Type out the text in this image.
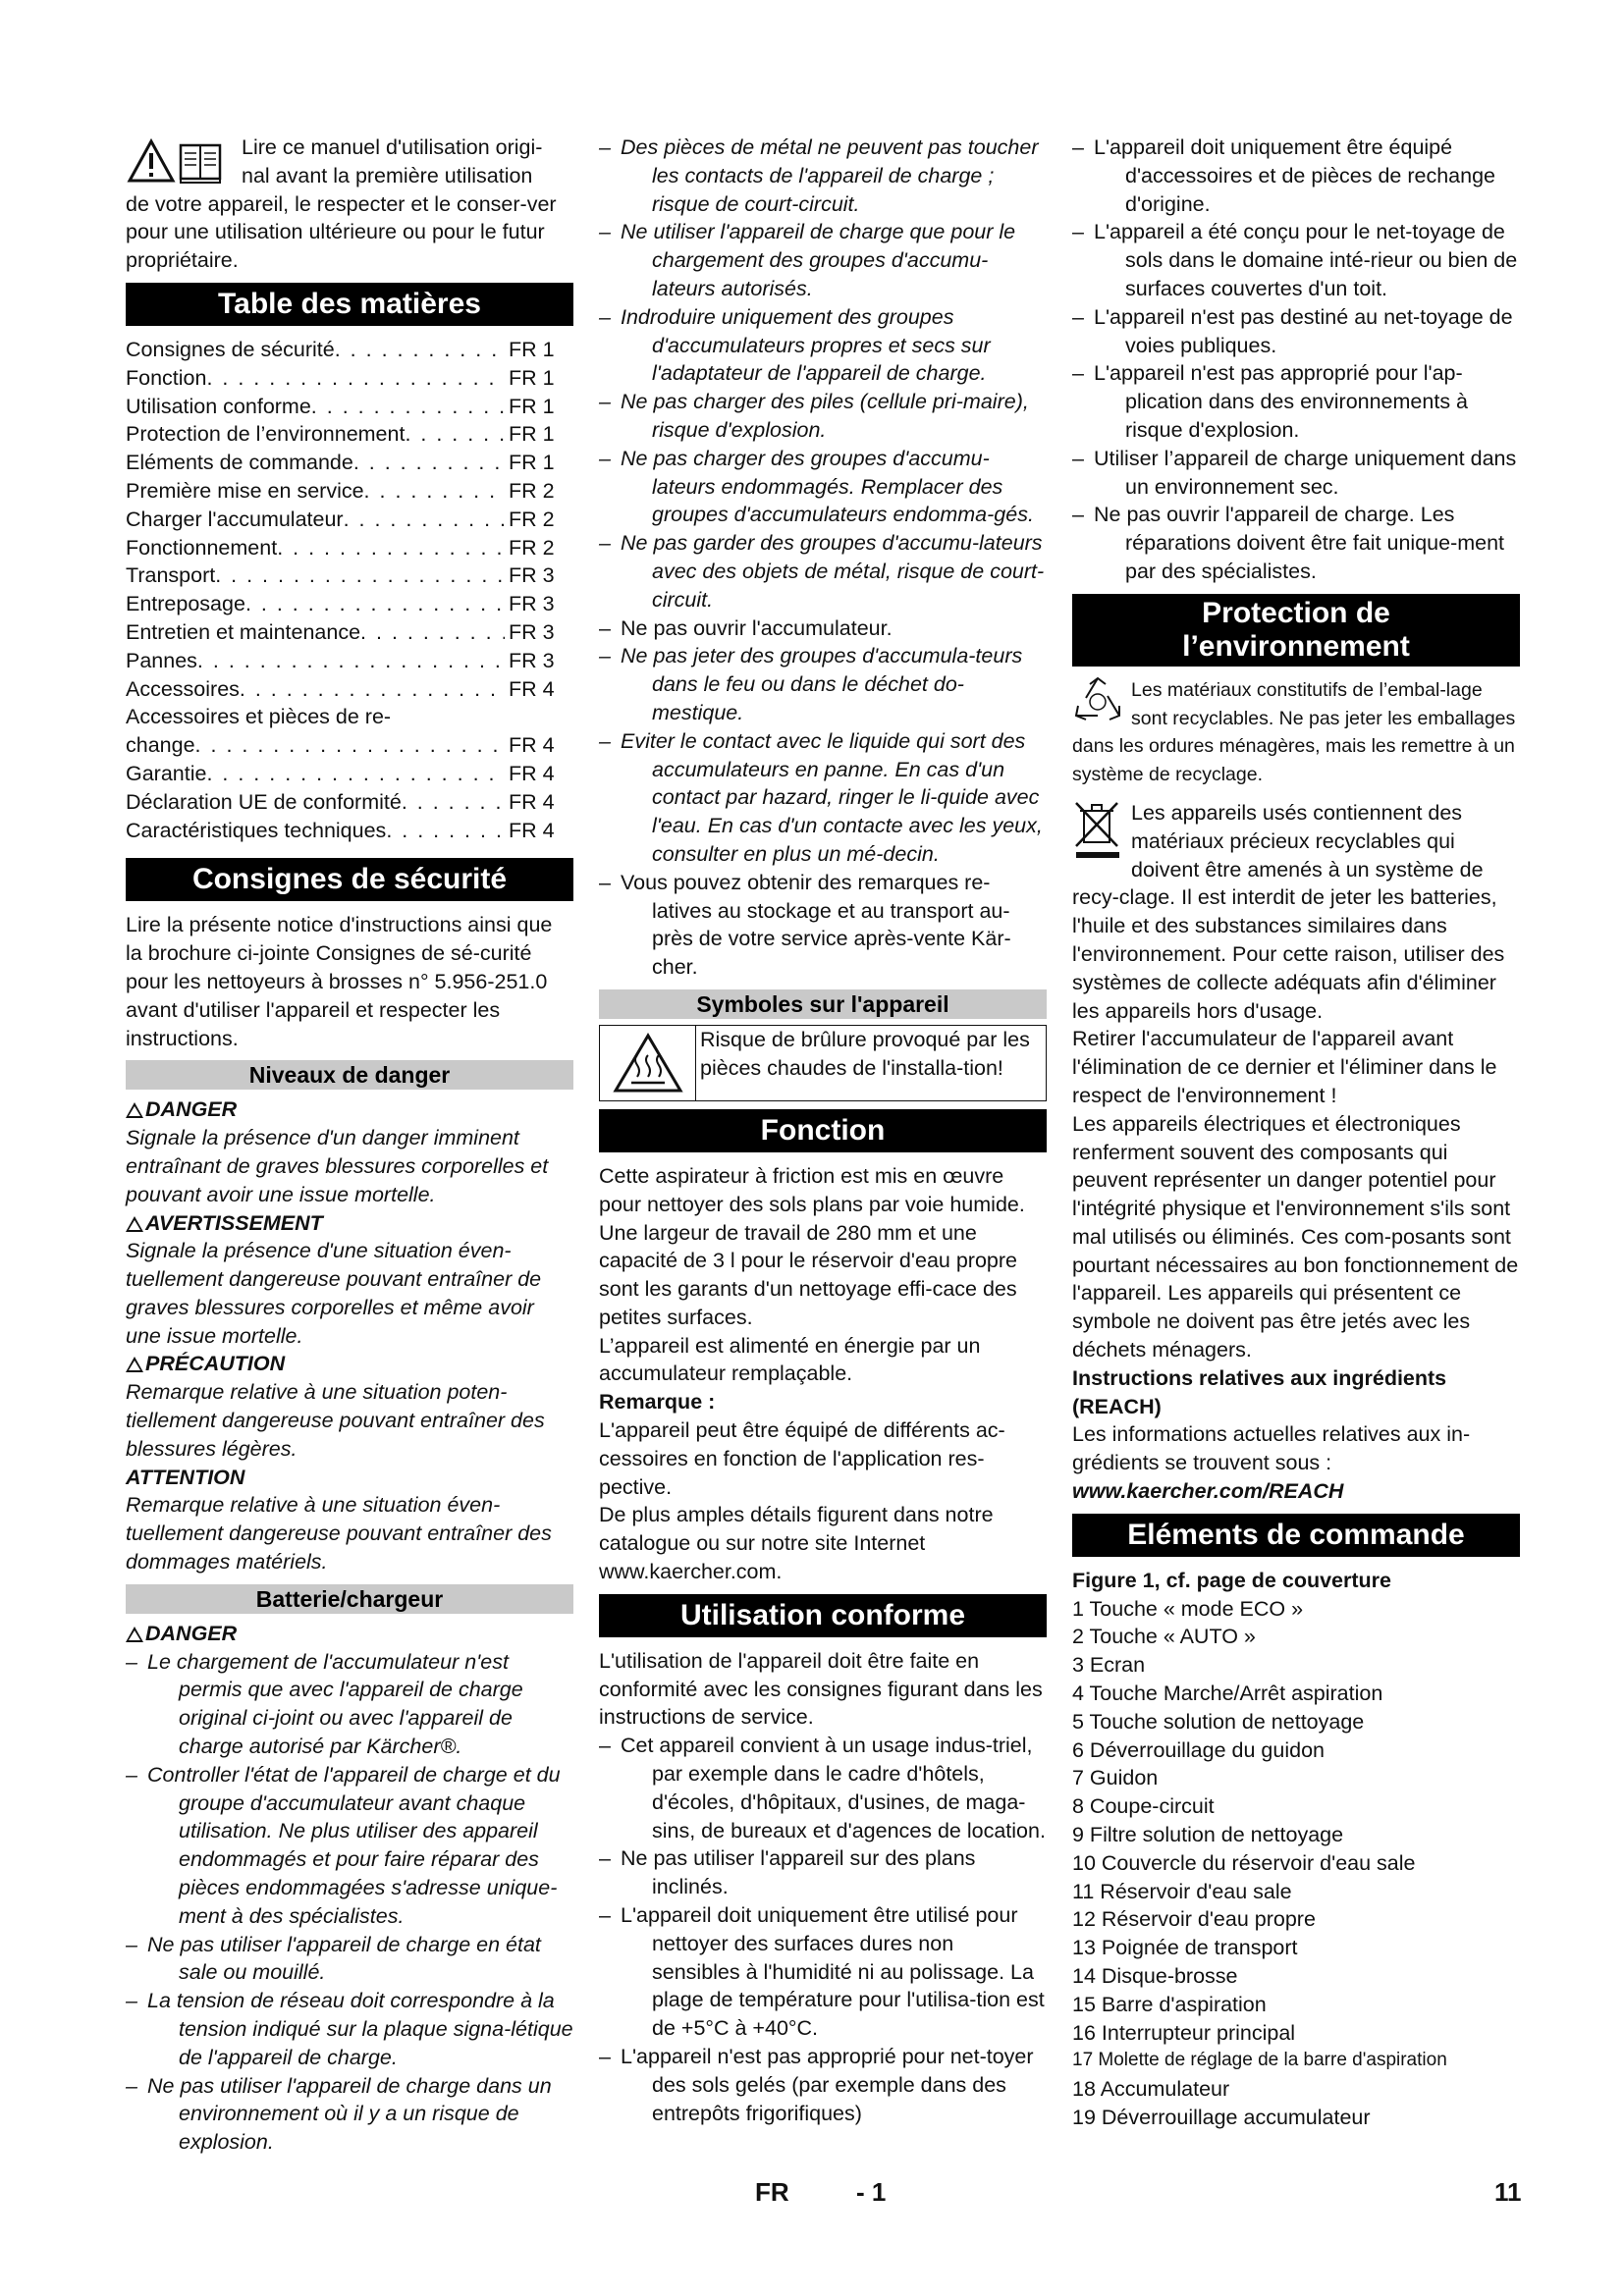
Lire ce manuel d'utilisation origi-

nal avant la première utilisation

de votre appareil, le respecter et le conser-ver pour une utilisation ultérieure ou pour le futur propriétaire.

Table des matières
Consignes de sécurité . . .	FR 1
Fonction . . .	FR 1
Utilisation conforme . . .	FR 1
Protection de l’environnement . . .	FR 1
Eléments de commande . . .	FR 1
Première mise en service . . .	FR 2
Charger l'accumulateur . . .	FR 2
Fonctionnement . . .	FR 2
Transport . . .	FR 3
Entreposage . . .	FR 3
Entretien et maintenance . . .	FR 3
Pannes . . .	FR 3
Accessoires . . .	FR 4
Accessoires et pièces de re-
change . . .	FR 4
Garantie . . .	FR 4
Déclaration UE de conformité . . .	FR 4
Caractéristiques techniques . . .	FR 4
Consignes de sécurité

Lire la présente notice d'instructions ainsi que la brochure ci-jointe Consignes de sé-curité pour les nettoyeurs à brosses n° 5.956-251.0 avant d'utiliser l'appareil et respecter les instructions.

Niveaux de danger
DANGER

Signale la présence d'un danger imminent entraînant de graves blessures corporelles et pouvant avoir une issue mortelle.

AVERTISSEMENT

Signale la présence d'une situation éven-tuellement dangereuse pouvant entraîner de graves blessures corporelles et même avoir une issue mortelle.

PRÉCAUTION

Remarque relative à une situation poten-tiellement dangereuse pouvant entraîner des blessures légères.

ATTENTION

Remarque relative à une situation éven-tuellement dangereuse pouvant entraîner des dommages matériels.

Batterie/chargeur
DANGER
– Le chargement de l'accumulateur n'est permis que avec l'appareil de charge original ci-joint ou avec l'appareil de charge autorisé par Kärcher®.
– Controller l'état de l'appareil de charge et du groupe d'accumulateur avant chaque utilisation. Ne plus utiliser des appareil endommagés et pour faire réparar des pièces endommagées s'adresse unique-ment à des spécialistes.
– Ne pas utiliser l'appareil de charge en état sale ou mouillé.
– La tension de réseau doit correspondre à la tension indiqué sur la plaque signa-létique de l'appareil de charge.
– Ne pas utiliser l'appareil de charge dans un environnement où il y a un risque de explosion.
– Des pièces de métal ne peuvent pas toucher les contacts de l'appareil de charge ; risque de court-circuit.
– Ne utiliser l'appareil de charge que pour le chargement des groupes d'accumu-lateurs autorisés.
– Indroduire uniquement des groupes d'accumulateurs propres et secs sur l'adaptateur de l'appareil de charge.
– Ne pas charger des piles (cellule pri-maire), risque d'explosion.
– Ne pas charger des groupes d'accumu-lateurs endommagés. Remplacer des groupes d'accumulateurs endomma-gés.
– Ne pas garder des groupes d'accumu-lateurs avec des objets de métal, risque de court-circuit.
– Ne pas ouvrir l'accumulateur.
– Ne pas jeter des groupes d'accumula-teurs dans le feu ou dans le déchet do-mestique.
– Eviter le contact avec le liquide qui sort des accumulateurs en panne. En cas d'un contact par hazard, ringer le li-quide avec l'eau. En cas d'un contacte avec les yeux, consulter en plus un mé-decin.
– Vous pouvez obtenir des remarques re-latives au stockage et au transport au-près de votre service après-vente Kär-cher.
Symboles sur l'appareil
Risque de brûlure provoqué par les pièces chaudes de l'installa-tion!
Fonction

Cette aspirateur à friction est mis en œuvre pour nettoyer des sols plans par voie humide. Une largeur de travail de 280 mm et une capacité de 3 l pour le réservoir d'eau propre sont les garants d'un nettoyage effi-cace des petites surfaces.

L’appareil est alimenté en énergie par un accumulateur remplaçable.

Remarque :

L'appareil peut être équipé de différents ac-cessoires en fonction de l'application res-pective.

De plus amples détails figurent dans notre catalogue ou sur notre site Internet www.kaercher.com.

Utilisation conforme

L'utilisation de l'appareil doit être faite en conformité avec les consignes figurant dans les instructions de service.

– Cet appareil convient à un usage indus-triel, par exemple dans le cadre d'hôtels, d'écoles, d'hôpitaux, d'usines, de maga-sins, de bureaux et d'agences de location.
– Ne pas utiliser l'appareil sur des plans inclinés.
– L'appareil doit uniquement être utilisé pour nettoyer des surfaces dures non sensibles à l'humidité ni au polissage. La plage de température pour l'utilisa-tion est de +5°C à +40°C.
– L'appareil n'est pas approprié pour net-toyer des sols gelés (par exemple dans des entrepôts frigorifiques)
– L'appareil doit uniquement être équipé d'accessoires et de pièces de rechange d'origine.
– L'appareil a été conçu pour le net-toyage de sols dans le domaine inté-rieur ou bien de surfaces couvertes d'un toit.
– L'appareil n'est pas destiné au net-toyage de voies publiques.
– L'appareil n'est pas approprié pour l'ap-plication dans des environnements à risque d'explosion.
– Utiliser l’appareil de charge uniquement dans un environnement sec.
– Ne pas ouvrir l'appareil de charge. Les réparations doivent être fait unique-ment par des spécialistes.
Protection de
l’environnement

Les matériaux constitutifs de l’embal-lage sont recyclables. Ne pas jeter les emballages dans les ordures ménagères, mais les remettre à un système de recyclage.

Les appareils usés contiennent des matériaux précieux recyclables qui doivent être amenés à un système de recy-clage. Il est interdit de jeter les batteries, l'huile et des substances similaires dans l'environnement. Pour cette raison, utiliser des systèmes de collecte adéquats afin d'éliminer les appareils hors d'usage.

Retirer l'accumulateur de l'appareil avant l'élimination de ce dernier et l'éliminer dans le respect de l'environnement !

Les appareils électriques et électroniques renferment souvent des composants qui peuvent représenter un danger potentiel pour l'intégrité physique et l'environnement s'ils sont mal utilisés ou éliminés. Ces com-posants sont pourtant nécessaires au bon fonctionnement de l'appareil. Les appareils qui présentent ce symbole ne doivent pas être jetés avec les déchets ménagers.

Instructions relatives aux ingrédients (REACH)

Les informations actuelles relatives aux in-grédients se trouvent sous :

www.kaercher.com/REACH

Eléments de commande

Figure 1, cf. page de couverture

1 Touche « mode ECO »
2 Touche « AUTO »
3 Ecran
4 Touche Marche/Arrêt aspiration
5 Touche solution de nettoyage
6 Déverrouillage du guidon
7 Guidon
8 Coupe-circuit
9 Filtre solution de nettoyage
10 Couvercle du réservoir d'eau sale
11 Réservoir d'eau sale
12 Réservoir d'eau propre
13 Poignée de transport
14 Disque-brosse
15 Barre d'aspiration
16 Interrupteur principal
17 Molette de réglage de la barre d'aspiration
18 Accumulateur
19 Déverrouillage accumulateur
FR	- 1	11
